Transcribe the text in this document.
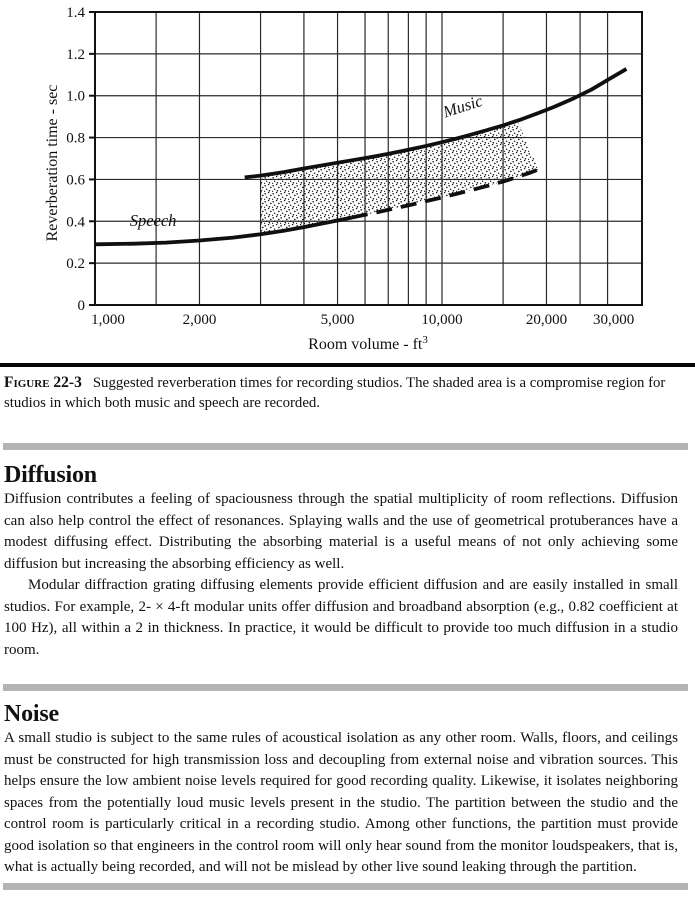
0
0.2
0.4
0.6
0.8
1.0
1.2
1.4
1,000	2,000	5,000	10,000	20,000 30,000
Speech
Music
Reverberation time - sec
Room volume - $ft^3$

Figure 22-3 Suggested reverberation times for recording studios. The shaded area is a compromise region for studios in which both music and speech are recorded.

Diffusion

Diffusion contributes a feeling of spaciousness through the spatial multiplicity of room reflections. Diffusion can also help control the effect of resonances. Splaying walls and the use of geometrical protuberances have a modest diffusing effect. Distributing the absorbing material is a useful means of not only achieving some diffusion but increasing the absorbing efficiency as well.

Modular diffraction grating diffusing elements provide efficient diffusion and are easily installed in small studios. For example, 2- × 4-ft modular units offer diffusion and broadband absorption (e.g., 0.82 coefficient at 100 Hz), all within a 2 in thickness. In practice, it would be difficult to provide too much diffusion in a studio room.

Noise

A small studio is subject to the same rules of acoustical isolation as any other room. Walls, floors, and ceilings must be constructed for high transmission loss and decoupling from external noise and vibration sources. This helps ensure the low ambient noise levels required for good recording quality. Likewise, it isolates neighboring spaces from the potentially loud music levels present in the studio. The partition between the studio and the control room is particularly critical in a recording studio. Among other functions, the partition must provide good isolation so that engineers in the control room will only hear sound from the monitor loudspeakers, that is, what is actually being recorded, and will not be mislead by other live sound leaking through the partition.
